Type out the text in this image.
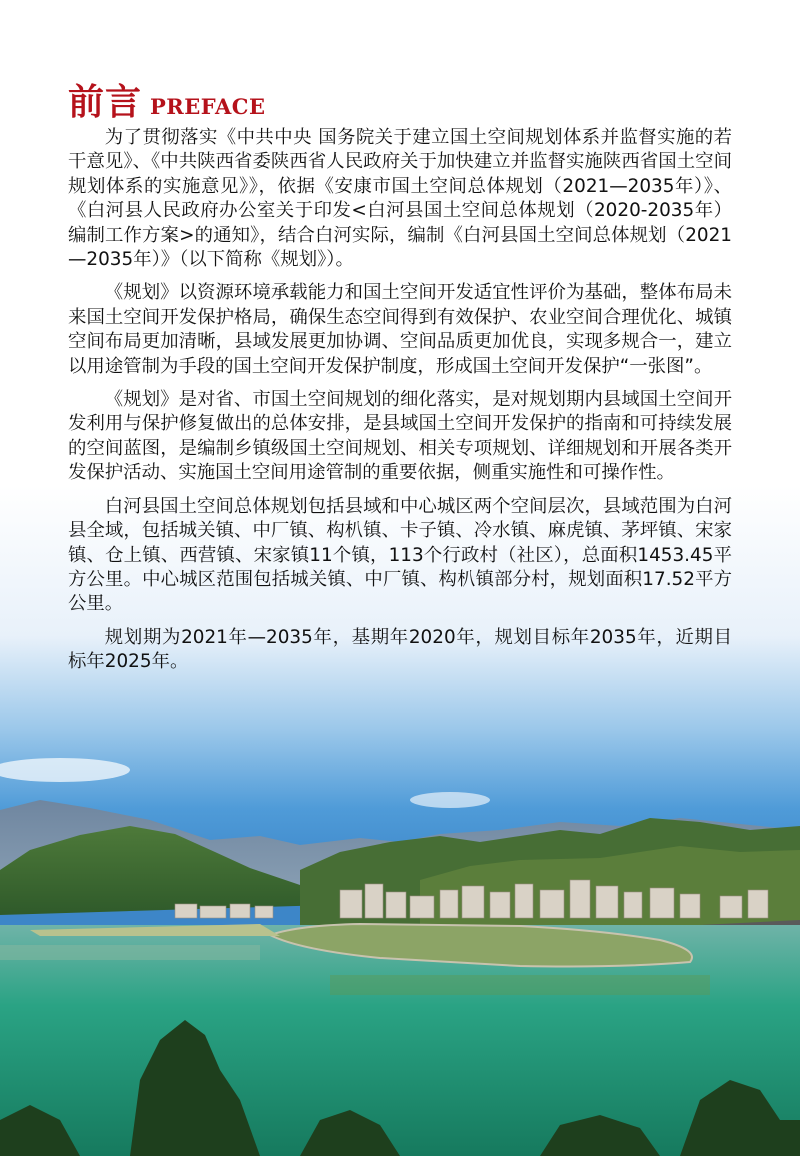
前言 PREFACE

为了贯彻落实《中共中央 国务院关于建立国土空间规划体系并监督实施的若干意见》、《中共陕西省委陕西省人民政府关于加快建立并监督实施陕西省国土空间规划体系的实施意见》》，依据《安康市国土空间总体规划（2021—2035年）》、《白河县人民政府办公室关于印发<白河县国土空间总体规划（2020-2035年）编制工作方案>的通知》，结合白河实际，编制《白河县国土空间总体规划（2021—2035年）》（以下简称《规划》）。

《规划》以资源环境承载能力和国土空间开发适宜性评价为基础，整体布局未来国土空间开发保护格局，确保生态空间得到有效保护、农业空间合理优化、城镇空间布局更加清晰，县域发展更加协调、空间品质更加优良，实现多规合一，建立以用途管制为手段的国土空间开发保护制度，形成国土空间开发保护“一张图”。

《规划》是对省、市国土空间规划的细化落实，是对规划期内县域国土空间开发利用与保护修复做出的总体安排，是县域国土空间开发保护的指南和可持续发展的空间蓝图，是编制乡镇级国土空间规划、相关专项规划、详细规划和开展各类开发保护活动、实施国土空间用途管制的重要依据，侧重实施性和可操作性。

白河县国土空间总体规划包括县域和中心城区两个空间层次，县域范围为白河县全域，包括城关镇、中厂镇、构朳镇、卡子镇、冷水镇、麻虎镇、茅坪镇、宋家镇、仓上镇、西营镇、宋家镇11个镇，113个行政村（社区），总面积1453.45平方公里。中心城区范围包括城关镇、中厂镇、构朳镇部分村，规划面积17.52平方公里。

规划期为2021年—2035年，基期年2020年，规划目标年2035年，近期目标年2025年。
